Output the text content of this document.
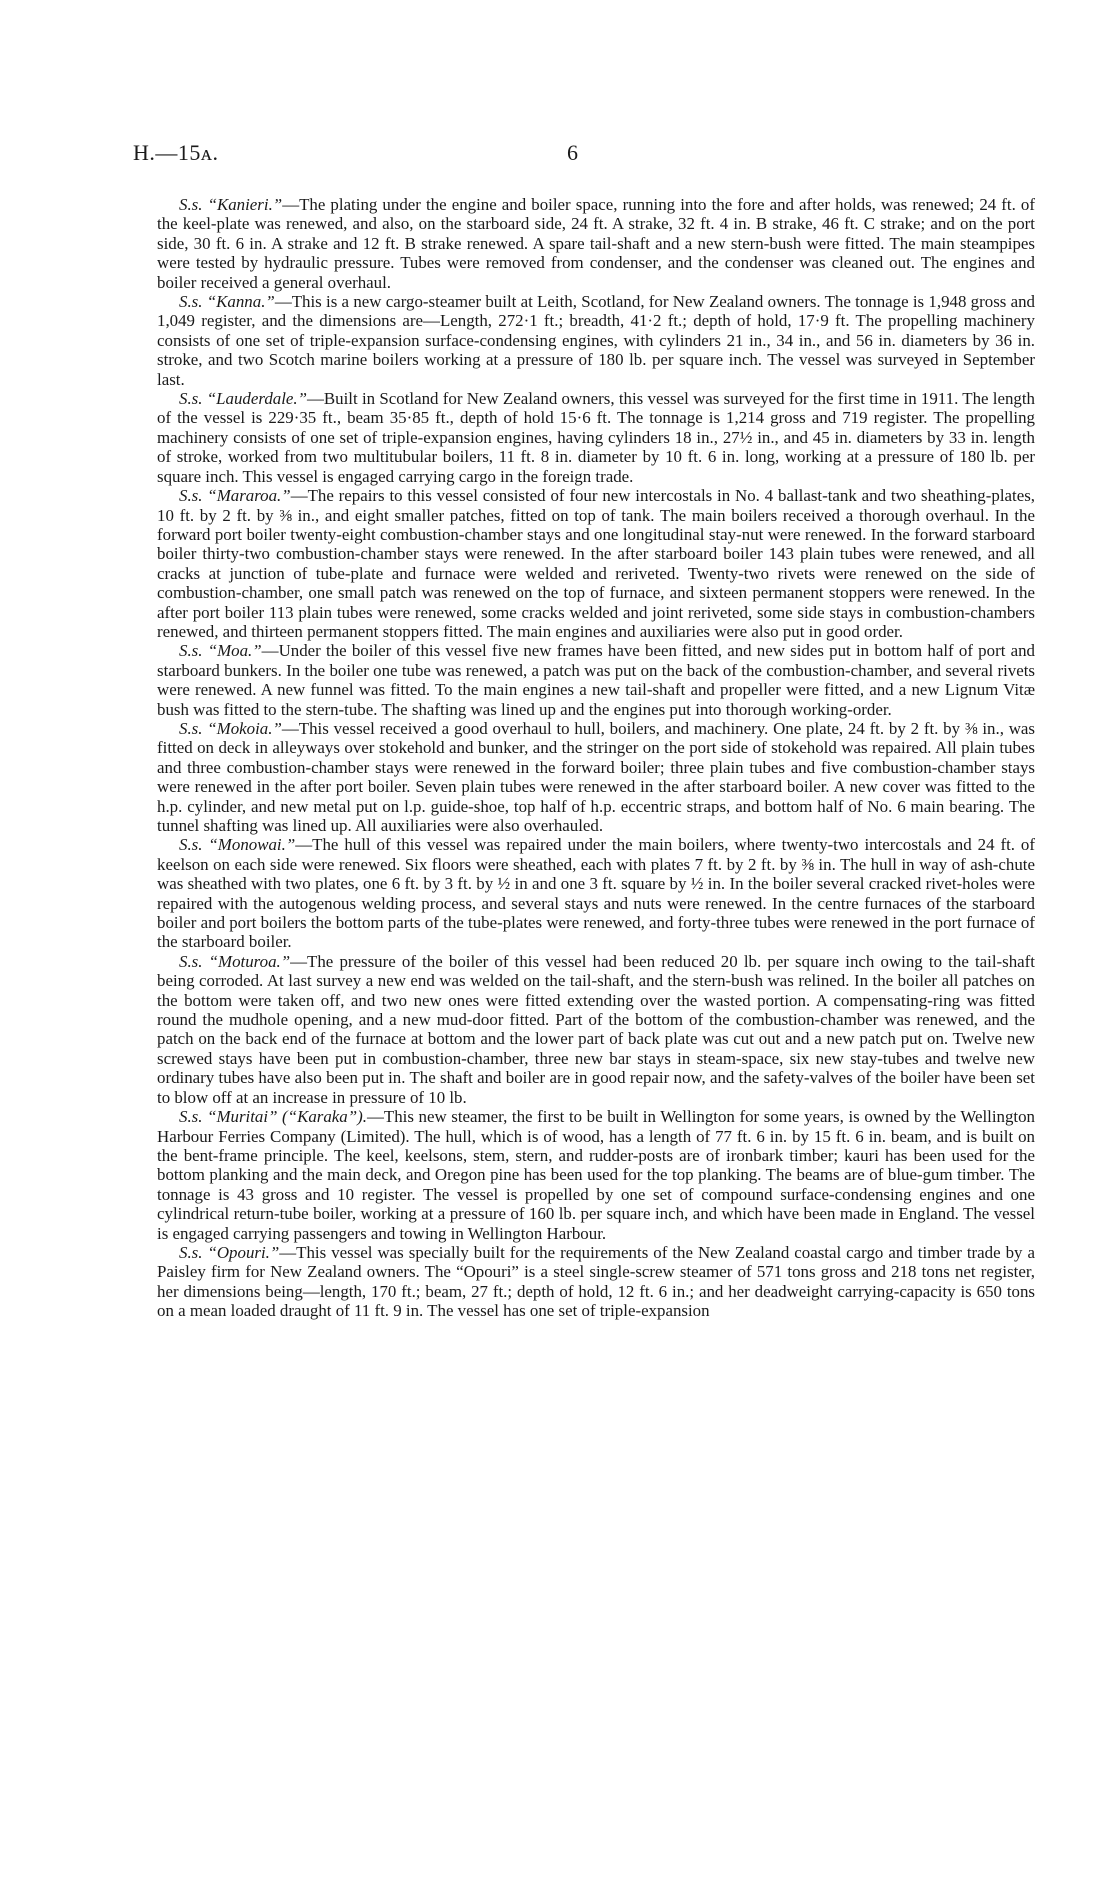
H.—15ᴀ.	6

S.s. “Kanieri.”—The plating under the engine and boiler space, running into the fore and after holds, was renewed; 24 ft. of the keel-plate was renewed, and also, on the starboard side, 24 ft. A strake, 32 ft. 4 in. B strake, 46 ft. C strake; and on the port side, 30 ft. 6 in. A strake and 12 ft. B strake renewed. A spare tail-shaft and a new stern-bush were fitted. The main steampipes were tested by hydraulic pressure. Tubes were removed from condenser, and the condenser was cleaned out. The engines and boiler received a general overhaul.

S.s. “Kanna.”—This is a new cargo-steamer built at Leith, Scotland, for New Zealand owners. The tonnage is 1,948 gross and 1,049 register, and the dimensions are—Length, 272·1 ft.; breadth, 41·2 ft.; depth of hold, 17·9 ft. The propelling machinery consists of one set of triple-expansion surface-condensing engines, with cylinders 21 in., 34 in., and 56 in. diameters by 36 in. stroke, and two Scotch marine boilers working at a pressure of 180 lb. per square inch. The vessel was surveyed in September last.

S.s. “Lauderdale.”—Built in Scotland for New Zealand owners, this vessel was surveyed for the first time in 1911. The length of the vessel is 229·35 ft., beam 35·85 ft., depth of hold 15·6 ft. The tonnage is 1,214 gross and 719 register. The propelling machinery consists of one set of triple-expansion engines, having cylinders 18 in., 27½ in., and 45 in. diameters by 33 in. length of stroke, worked from two multitubular boilers, 11 ft. 8 in. diameter by 10 ft. 6 in. long, working at a pressure of 180 lb. per square inch. This vessel is engaged carrying cargo in the foreign trade.

S.s. “Mararoa.”—The repairs to this vessel consisted of four new intercostals in No. 4 ballast-tank and two sheathing-plates, 10 ft. by 2 ft. by ⅜ in., and eight smaller patches, fitted on top of tank. The main boilers received a thorough overhaul. In the forward port boiler twenty-eight combustion-chamber stays and one longitudinal stay-nut were renewed. In the forward starboard boiler thirty-two combustion-chamber stays were renewed. In the after starboard boiler 143 plain tubes were renewed, and all cracks at junction of tube-plate and furnace were welded and reriveted. Twenty-two rivets were renewed on the side of combustion-chamber, one small patch was renewed on the top of furnace, and sixteen permanent stoppers were renewed. In the after port boiler 113 plain tubes were renewed, some cracks welded and joint reriveted, some side stays in combustion-chambers renewed, and thirteen permanent stoppers fitted. The main engines and auxiliaries were also put in good order.

S.s. “Moa.”—Under the boiler of this vessel five new frames have been fitted, and new sides put in bottom half of port and starboard bunkers. In the boiler one tube was renewed, a patch was put on the back of the combustion-chamber, and several rivets were renewed. A new funnel was fitted. To the main engines a new tail-shaft and propeller were fitted, and a new Lignum Vitæ bush was fitted to the stern-tube. The shafting was lined up and the engines put into thorough working-order.

S.s. “Mokoia.”—This vessel received a good overhaul to hull, boilers, and machinery. One plate, 24 ft. by 2 ft. by ⅜ in., was fitted on deck in alleyways over stokehold and bunker, and the stringer on the port side of stokehold was repaired. All plain tubes and three combustion-chamber stays were renewed in the forward boiler; three plain tubes and five combustion-chamber stays were renewed in the after port boiler. Seven plain tubes were renewed in the after starboard boiler. A new cover was fitted to the h.p. cylinder, and new metal put on l.p. guide-shoe, top half of h.p. eccentric straps, and bottom half of No. 6 main bearing. The tunnel shafting was lined up. All auxiliaries were also overhauled.

S.s. “Monowai.”—The hull of this vessel was repaired under the main boilers, where twenty-two intercostals and 24 ft. of keelson on each side were renewed. Six floors were sheathed, each with plates 7 ft. by 2 ft. by ⅜ in. The hull in way of ash-chute was sheathed with two plates, one 6 ft. by 3 ft. by ½ in and one 3 ft. square by ½ in. In the boiler several cracked rivet-holes were repaired with the autogenous welding process, and several stays and nuts were renewed. In the centre furnaces of the starboard boiler and port boilers the bottom parts of the tube-plates were renewed, and forty-three tubes were renewed in the port furnace of the starboard boiler.

S.s. “Moturoa.”—The pressure of the boiler of this vessel had been reduced 20 lb. per square inch owing to the tail-shaft being corroded. At last survey a new end was welded on the tail-shaft, and the stern-bush was relined. In the boiler all patches on the bottom were taken off, and two new ones were fitted extending over the wasted portion. A compensating-ring was fitted round the mudhole opening, and a new mud-door fitted. Part of the bottom of the combustion-chamber was renewed, and the patch on the back end of the furnace at bottom and the lower part of back plate was cut out and a new patch put on. Twelve new screwed stays have been put in combustion-chamber, three new bar stays in steam-space, six new stay-tubes and twelve new ordinary tubes have also been put in. The shaft and boiler are in good repair now, and the safety-valves of the boiler have been set to blow off at an increase in pressure of 10 lb.

S.s. “Muritai” (“Karaka”).—This new steamer, the first to be built in Wellington for some years, is owned by the Wellington Harbour Ferries Company (Limited). The hull, which is of wood, has a length of 77 ft. 6 in. by 15 ft. 6 in. beam, and is built on the bent-frame principle. The keel, keelsons, stem, stern, and rudder-posts are of ironbark timber; kauri has been used for the bottom planking and the main deck, and Oregon pine has been used for the top planking. The beams are of blue-gum timber. The tonnage is 43 gross and 10 register. The vessel is propelled by one set of compound surface-condensing engines and one cylindrical return-tube boiler, working at a pressure of 160 lb. per square inch, and which have been made in England. The vessel is engaged carrying passengers and towing in Wellington Harbour.

S.s. “Opouri.”—This vessel was specially built for the requirements of the New Zealand coastal cargo and timber trade by a Paisley firm for New Zealand owners. The “Opouri” is a steel single-screw steamer of 571 tons gross and 218 tons net register, her dimensions being—length, 170 ft.; beam, 27 ft.; depth of hold, 12 ft. 6 in.; and her deadweight carrying-capacity is 650 tons on a mean loaded draught of 11 ft. 9 in. The vessel has one set of triple-expansion
